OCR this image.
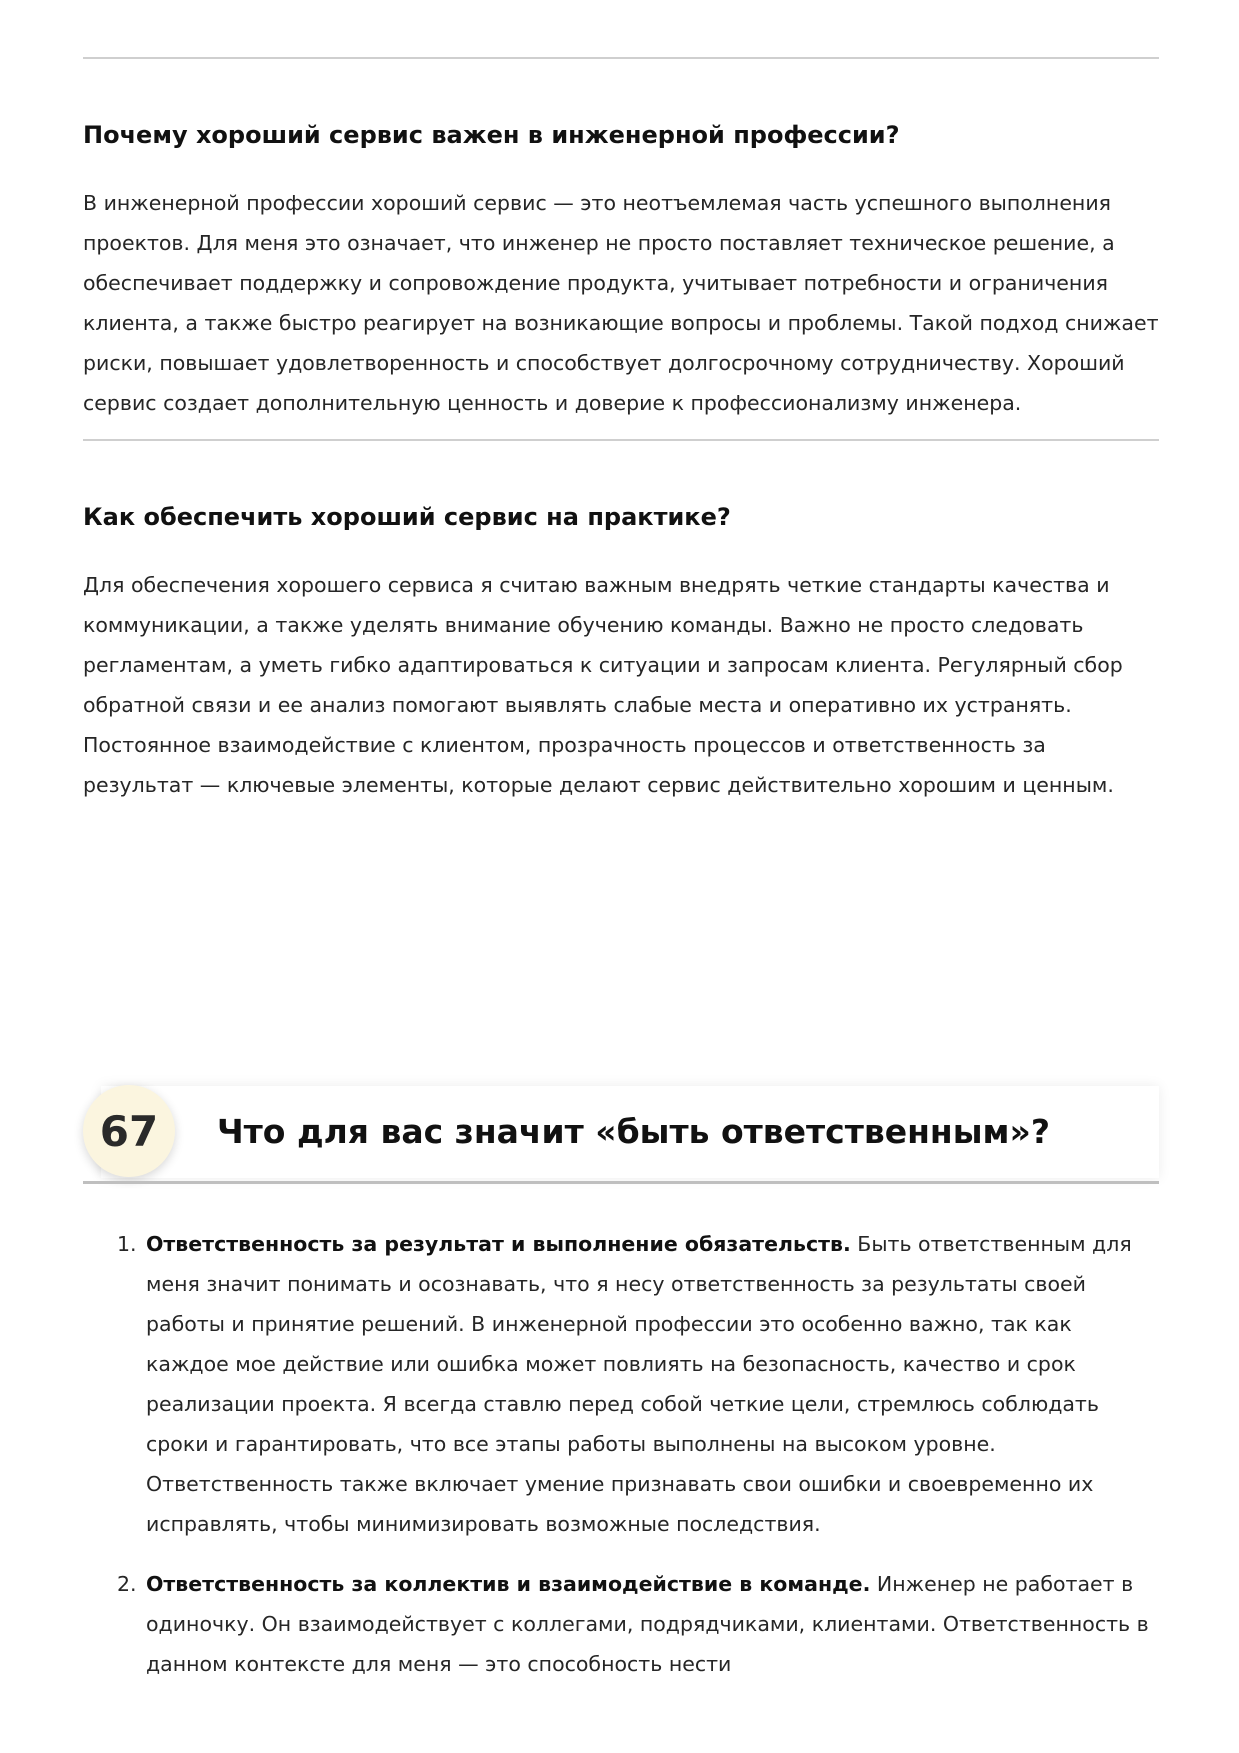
Почему хороший сервис важен в инженерной профессии?

В инженерной профессии хороший сервис — это неотъемлемая часть успешного выполнения проектов. Для меня это означает, что инженер не просто поставляет техническое решение, а обеспечивает поддержку и сопровождение продукта, учитывает потребности и ограничения клиента, а также быстро реагирует на возникающие вопросы и проблемы. Такой подход снижает риски, повышает удовлетворенность и способствует долгосрочному сотрудничеству. Хороший сервис создает дополнительную ценность и доверие к профессионализму инженера.

Как обеспечить хороший сервис на практике?

Для обеспечения хорошего сервиса я считаю важным внедрять четкие стандарты качества и коммуникации, а также уделять внимание обучению команды. Важно не просто следовать регламентам, а уметь гибко адаптироваться к ситуации и запросам клиента. Регулярный сбор обратной связи и ее анализ помогают выявлять слабые места и оперативно их устранять. Постоянное взаимодействие с клиентом, прозрачность процессов и ответственность за результат — ключевые элементы, которые делают сервис действительно хорошим и ценным.

67	Что для вас значит «быть ответственным»?
1. Ответственность за результат и выполнение обязательств. Быть ответственным для меня значит понимать и осознавать, что я несу ответственность за результаты своей работы и принятие решений. В инженерной профессии это особенно важно, так как каждое мое действие или ошибка может повлиять на безопасность, качество и срок реализации проекта. Я всегда ставлю перед собой четкие цели, стремлюсь соблюдать сроки и гарантировать, что все этапы работы выполнены на высоком уровне. Ответственность также включает умение признавать свои ошибки и своевременно их исправлять, чтобы минимизировать возможные последствия.
2. Ответственность за коллектив и взаимодействие в команде. Инженер не работает в одиночку. Он взаимодействует с коллегами, подрядчиками, клиентами. Ответственность в данном контексте для меня — это способность нести
